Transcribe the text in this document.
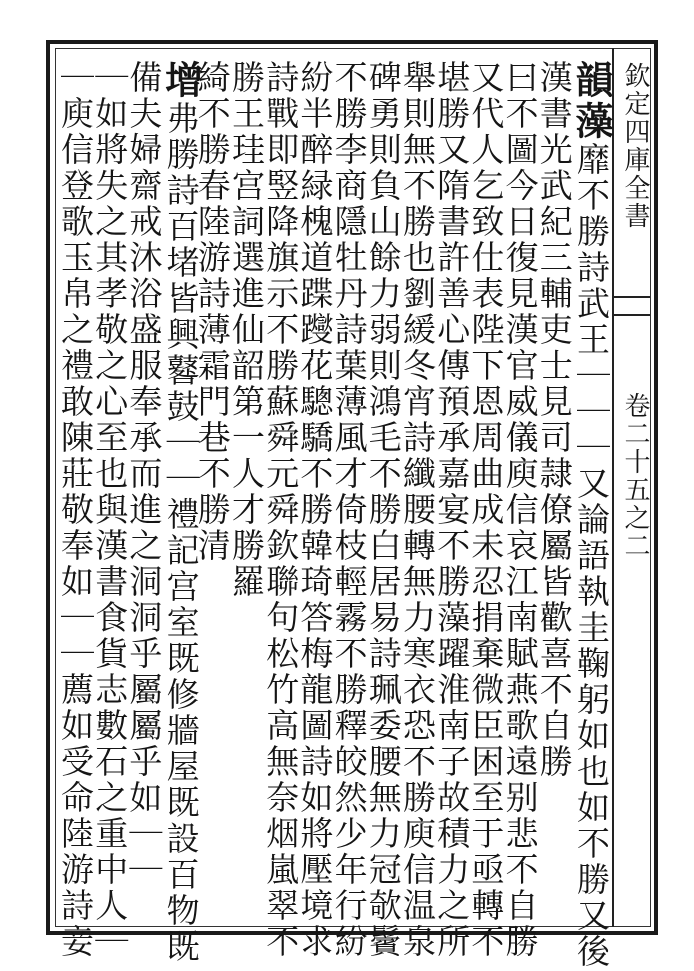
欽定四庫全書
卷二十五之二
韻藻靡不勝詩武王｜｜｜又論語執圭鞠躬如也如不勝又後
漢書光武紀三輔吏士見司隷僚屬皆歡喜不自勝
曰不圖今日復見漢官威儀庾信哀江南賦燕歌遠别悲不自勝
又代人乞致仕表陛下恩周曲成未忍捐棄微臣困至于亟轉不
堪勝又隋書許善心傳預承嘉宴不勝藻躍淮南子故積力之所
舉則無不勝也劉緩冬宵詩纖腰轉無力寒衣恐不勝庾信温泉
碑勇則負山餘力弱則鴻毛不勝白居易詩珮委腰無力冠欹鬢
不勝李商隱牡丹詩葉薄風才倚枝輕霧不勝釋皎然少年行紛
紛半醉緑槐道蹀躞花驄驕不勝韓琦答梅龍圖詩如將壓境求
詩戰即竪降旗示不勝蘇舜元舜欽聯句松竹高無奈烟嵐翠不
勝王珪宫詞選進仙韶第一人才勝羅
綺不勝春陸游詩薄霜門巷不勝清
增弗勝詩百堵皆興鼛鼓｜｜禮記宫室既修牆屋既設百物既
備夫婦齋戒沐浴盛服奉承而進之洞洞乎屬屬乎如｜｜
｜如將失之其孝敬之心至也與漢書食貨志數石之重中人｜
｜庾信登歌玉帛之禮敢陳莊敬奉如｜｜薦如受命陸游詩妾
